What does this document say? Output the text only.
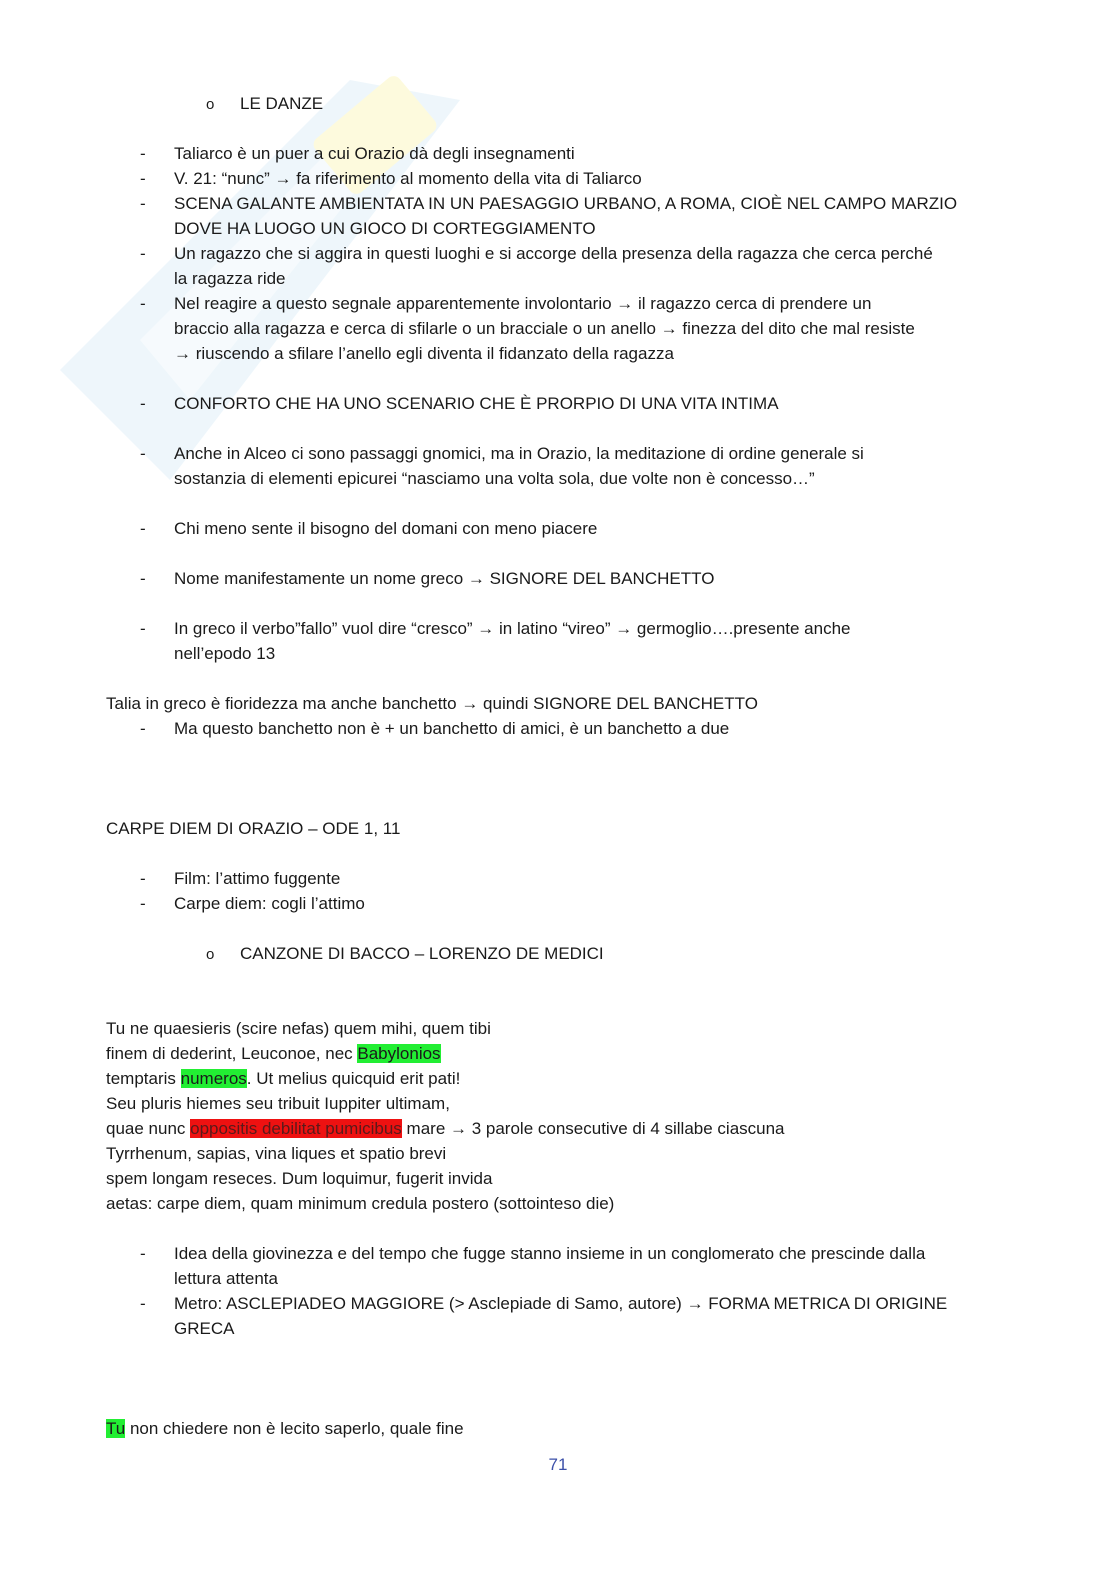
o LE DANZE
-	Taliarco è un puer a cui Orazio dà degli insegnamenti
-	V. 21: “nunc” → fa riferimento al momento della vita di Taliarco
-	SCENA GALANTE AMBIENTATA IN UN PAESAGGIO URBANO, A ROMA, CIOÈ NEL CAMPO MARZIO
DOVE HA LUOGO UN GIOCO DI CORTEGGIAMENTO
-	Un ragazzo che si aggira in questi luoghi e si accorge della presenza della ragazza che cerca perché
la ragazza ride
-	Nel reagire a questo segnale apparentemente involontario → il ragazzo cerca di prendere un
braccio alla ragazza e cerca di sfilarle o un bracciale o un anello → finezza del dito che mal resiste
→ riuscendo a sfilare l’anello egli diventa il fidanzato della ragazza
-	CONFORTO CHE HA UNO SCENARIO CHE È PRORPIO DI UNA VITA INTIMA
-	Anche in Alceo ci sono passaggi gnomici, ma in Orazio, la meditazione di ordine generale si
sostanzia di elementi epicurei “nasciamo una volta sola, due volte non è concesso…”
-	Chi meno sente il bisogno del domani con meno piacere
-	Nome manifestamente un nome greco → SIGNORE DEL BANCHETTO
-	In greco il verbo”fallo” vuol dire “cresco” → in latino “vireo” → germoglio….presente anche
nell’epodo 13
Talia in greco è fioridezza ma anche banchetto → quindi SIGNORE DEL BANCHETTO
-	Ma questo banchetto non è + un banchetto di amici, è un banchetto a due
CARPE DIEM DI ORAZIO – ODE 1, 11
-	Film: l’attimo fuggente
-	Carpe diem: cogli l’attimo
o CANZONE DI BACCO – LORENZO DE MEDICI
Tu ne quaesieris (scire nefas) quem mihi, quem tibi
finem di dederint, Leuconoe, nec Babylonios
temptaris numeros. Ut melius quicquid erit pati!
Seu pluris hiemes seu tribuit Iuppiter ultimam,
quae nunc oppositis debilitat pumicibus mare → 3 parole consecutive di 4 sillabe ciascuna
Tyrrhenum, sapias, vina liques et spatio brevi
spem longam reseces. Dum loquimur, fugerit invida
aetas: carpe diem, quam minimum credula postero (sottointeso die)
-	Idea della giovinezza e del tempo che fugge stanno insieme in un conglomerato che prescinde dalla
lettura attenta
-	Metro: ASCLEPIADEO MAGGIORE (> Asclepiade di Samo, autore) → FORMA METRICA DI ORIGINE
GRECA
Tu non chiedere non è lecito saperlo, quale fine
71
